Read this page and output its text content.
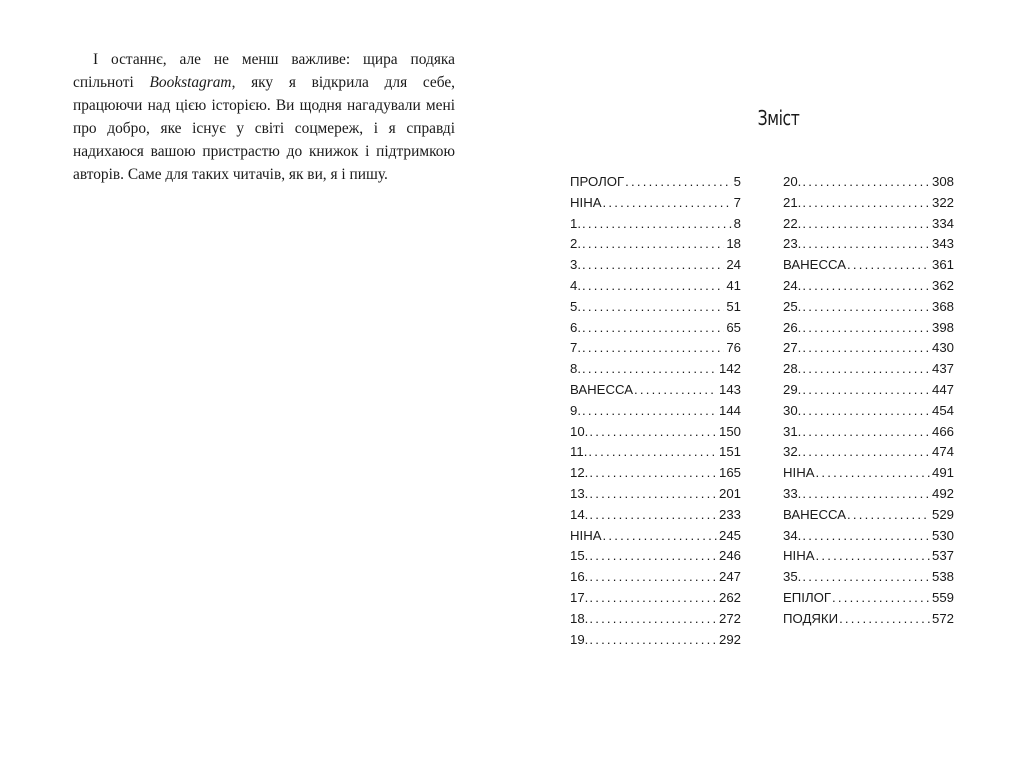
І останнє, але не менш важливе: щира подяка спільноті Bookstagram, яку я відкрила для себе, працюючи над цією історією. Ви щодня нагадували мені про добро, яке існує у світі соцмереж, і я справді надихаюся вашою пристрастю до книжок і підтримкою авторів. Саме для таких читачів, як ви, я і пишу.

Зміст
ПРОЛОГ .....	5
НІНА .....	7
1. .....	8
2. .....	18
3. .....	24
4. .....	41
5. .....	51
6. .....	65
7. .....	76
8. .....	142
ВАНЕССА .....	143
9. .....	144
10. .....	150
11. .....	151
12. .....	165
13. .....	201
14. .....	233
НІНА .....	245
15. .....	246
16. .....	247
17. .....	262
18. .....	272
19. .....	292
20. .....	308
21. .....	322
22. .....	334
23. .....	343
ВАНЕССА .....	361
24. .....	362
25. .....	368
26. .....	398
27. .....	430
28. .....	437
29. .....	447
30. .....	454
31. .....	466
32. .....	474
НІНА .....	491
33. .....	492
ВАНЕССА .....	529
34. .....	530
НІНА .....	537
35. .....	538
ЕПІЛОГ .....	559
ПОДЯКИ .....	572
